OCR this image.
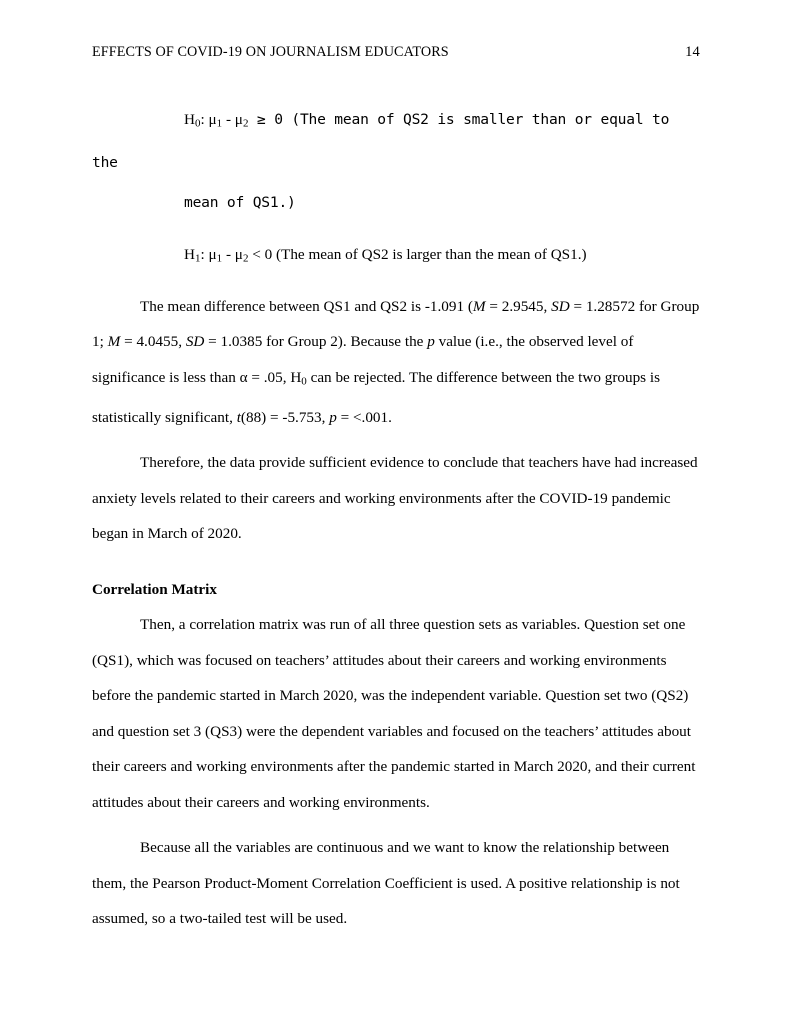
EFFECTS OF COVID-19 ON JOURNALISM EDUCATORS	14

$H_0$: $\mu_1 - \mu_2 \ge 0$ (The mean of QS2 is smaller than or equal to the
mean of QS1.)

$H_1$: $\mu_1 - \mu_2 < 0$ (The mean of QS2 is larger than the mean of QS1.)

The mean difference between QS1 and QS2 is -1.091 (M = 2.9545, SD = 1.28572 for Group 1; M = 4.0455, SD = 1.0385 for Group 2). Because the p value (i.e., the observed level of significance is less than α = .05, $H_0$ can be rejected. The difference between the two groups is statistically significant, t(88) = -5.753, p = <.001.

Therefore, the data provide sufficient evidence to conclude that teachers have had increased anxiety levels related to their careers and working environments after the COVID-19 pandemic began in March of 2020.

Correlation Matrix

Then, a correlation matrix was run of all three question sets as variables. Question set one (QS1), which was focused on teachers’ attitudes about their careers and working environments before the pandemic started in March 2020, was the independent variable. Question set two (QS2) and question set 3 (QS3) were the dependent variables and focused on the teachers’ attitudes about their careers and working environments after the pandemic started in March 2020, and their current attitudes about their careers and working environments.

Because all the variables are continuous and we want to know the relationship between them, the Pearson Product-Moment Correlation Coefficient is used. A positive relationship is not assumed, so a two-tailed test will be used.
